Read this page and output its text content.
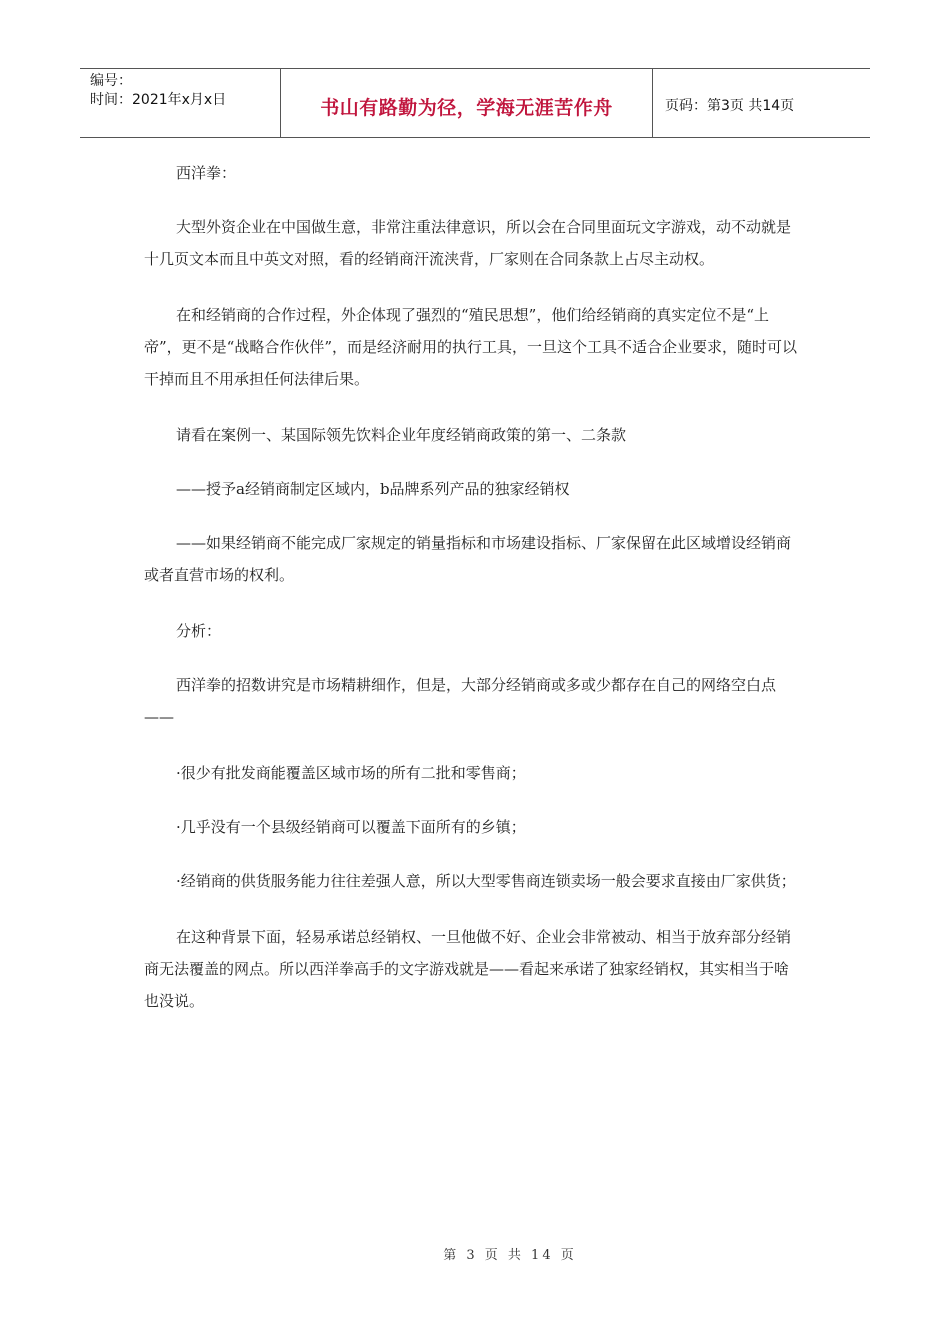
编号：
时间：2021年x月x日	书山有路勤为径，学海无涯苦作舟	页码：第3页 共14页

西洋拳：

大型外资企业在中国做生意，非常注重法律意识，所以会在合同里面玩文字游戏，动不动就是十几页文本而且中英文对照，看的经销商汗流浃背，厂家则在合同条款上占尽主动权。

在和经销商的合作过程，外企体现了强烈的“殖民思想”，他们给经销商的真实定位不是“上帝”，更不是“战略合作伙伴”，而是经济耐用的执行工具，一旦这个工具不适合企业要求，随时可以干掉而且不用承担任何法律后果。

请看在案例一、某国际领先饮料企业年度经销商政策的第一、二条款

——授予a经销商制定区域内，b品牌系列产品的独家经销权

——如果经销商不能完成厂家规定的销量指标和市场建设指标、厂家保留在此区域增设经销商或者直营市场的权利。

分析：

西洋拳的招数讲究是市场精耕细作，但是，大部分经销商或多或少都存在自己的网络空白点——

·很少有批发商能覆盖区域市场的所有二批和零售商；

·几乎没有一个县级经销商可以覆盖下面所有的乡镇；

·经销商的供货服务能力往往差强人意，所以大型零售商连锁卖场一般会要求直接由厂家供货；

在这种背景下面，轻易承诺总经销权、一旦他做不好、企业会非常被动、相当于放弃部分经销商无法覆盖的网点。所以西洋拳高手的文字游戏就是——看起来承诺了独家经销权，其实相当于啥也没说。

第 3 页 共 14 页
